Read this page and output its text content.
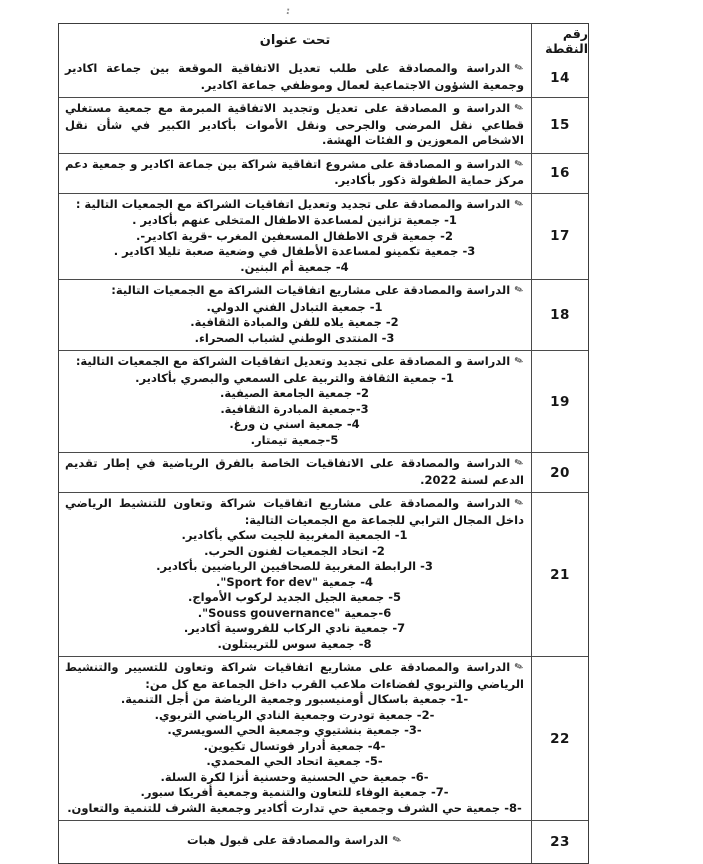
:
رقم النقطة
تحت عنوان
14
✎الدراسة والمصادقة على طلب تعديل الاتفاقية الموقعة بين جماعة اكادير وجمعية الشؤون الاجتماعية لعمال وموظفي جماعة اكادير.
15
✎الدراسة و المصادقة على تعديل وتجديد الاتفاقية المبرمة مع جمعية مستغلي قطاعي نقل المرضى والجرحى ونقل الأموات بأكادير الكبير في شأن نقل الاشخاص المعوزين و الفئات الهشة.
16
✎الدراسة و المصادقة على مشروع اتفاقية شراكة بين جماعة اكادير و جمعية دعم مركز حماية الطفولة ذكور بأكادير.
17
✎الدراسة والمصادقة على تجديد وتعديل اتفاقيات الشراكة مع الجمعيات التالية :
1- جمعية تزانين لمساعدة الاطفال المتخلى عنهم بأكادير .
2- جمعية قرى الاطفال المسعفين المغرب -قرية اكادير-.
3- جمعية تكمينو لمساعدة الأطفال في وضعية صعبة تليلا اكادير .
4- جمعية أم البنين.
18
✎الدراسة والمصادقة على مشاريع اتفاقيات الشراكة مع الجمعيات التالية:
1- جمعية التبادل الفني الدولي.
2- جمعية يلاه للفن والمبادة الثقافية.
3- المنتدى الوطني لشباب الصحراء.
19
✎الدراسة و المصادقة على تجديد وتعديل اتفاقيات الشراكة مع الجمعيات التالية:
1- جمعية الثقافة والتربية على السمعي والبصري بأكادير.
2- جمعية الجامعة الصيفية.
3-جمعية المبادرة الثقافية.
4- جمعية اسني ن ورغ.
5-جمعية تيمتار.
20
✎الدراسة والمصادقة على الاتفاقيات الخاصة بالفرق الرياضية في إطار تقديم الدعم لسنة 2022.
21
✎الدراسة والمصادقة على مشاريع اتفاقيات شراكة وتعاون للتنشيط الرياضي داخل المجال الترابي للجماعة مع الجمعيات التالية:
1- الجمعية المغربية للجيت سكي بأكادير.
2- اتحاد الجمعيات لفنون الحرب.
3- الرابطة المغربية للصحافيين الرياضيين بأكادير.
4- جمعية "Sport for dev".
5- جمعية الجيل الجديد لركوب الأمواج.
6-جمعية "Souss gouvernance".
7- جمعية نادي الركاب للفروسية أكادير.
8- جمعية سوس للتريبتلون.
22
✎الدراسة والمصادقة على مشاريع اتفاقيات شراكة وتعاون للتسيير والتنشيط الرياضي والتربوي لفضاءات ملاعب القرب داخل الجماعة مع كل من:
-1- جمعية باسكال أومنيسبور وجمعية الرياضة من أجل التنمية.
-2- جمعية تودرت وجمعية النادي الرياضي التربوي.
-3- جمعية بنشتيوي وجمعية الحي السويسري.
-4- جمعية أدرار فوتسال تكيوين.
-5- جمعية اتحاد الحي المحمدي.
-6- جمعية حي الحسنية وحسنية أنزا لكرة السلة.
-7- جمعية الوفاء للتعاون والتنمية وجمعية أفريكا سبور.
-8- جمعية حي الشرف وجمعية حي تدارت أكادير وجمعية الشرف للتنمية والتعاون.
23
✎الدراسة والمصادقة على قبول هبات
